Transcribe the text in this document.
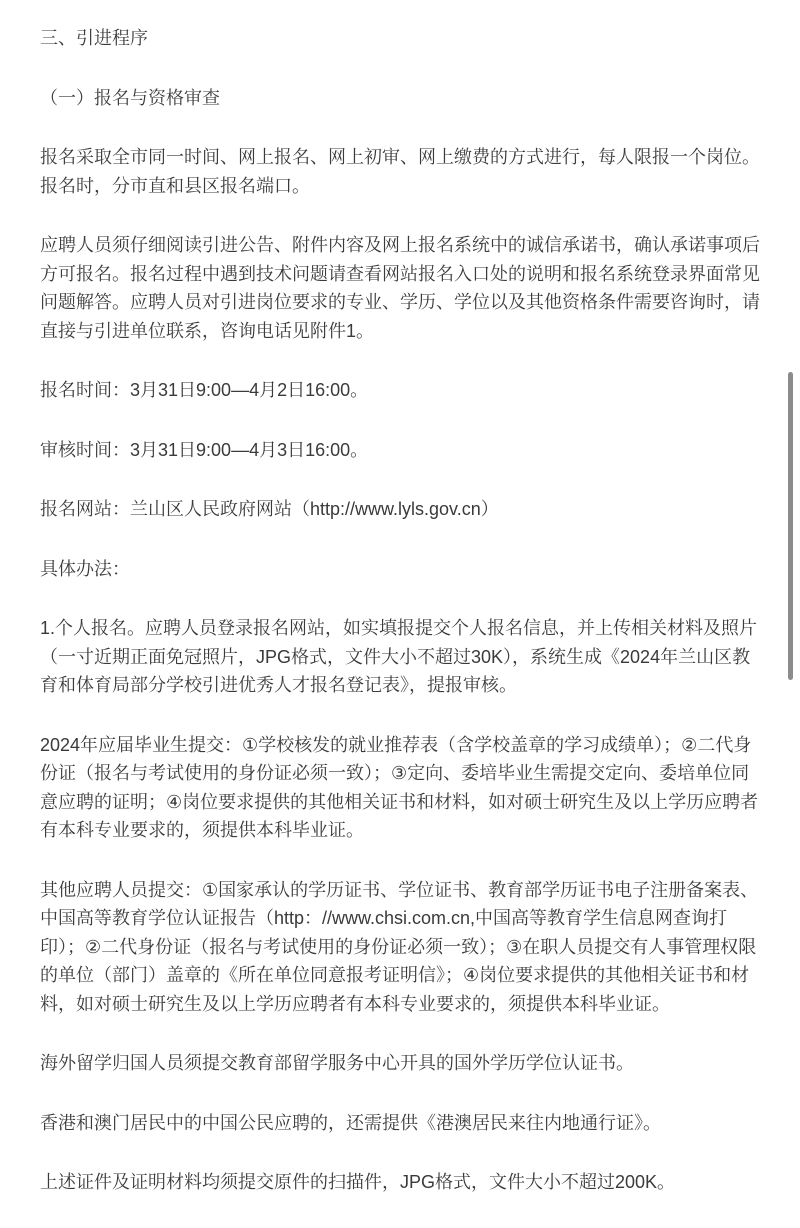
三、引进程序

（一）报名与资格审查

报名采取全市同一时间、网上报名、网上初审、网上缴费的方式进行，每人限报一个岗位。报名时，分市直和县区报名端口。

应聘人员须仔细阅读引进公告、附件内容及网上报名系统中的诚信承诺书，确认承诺事项后方可报名。报名过程中遇到技术问题请查看网站报名入口处的说明和报名系统登录界面常见问题解答。应聘人员对引进岗位要求的专业、学历、学位以及其他资格条件需要咨询时，请直接与引进单位联系，咨询电话见附件1。

报名时间：3月31日9:00—4月2日16:00。

审核时间：3月31日9:00—4月3日16:00。

报名网站：兰山区人民政府网站（http://www.lyls.gov.cn）

具体办法：

1.个人报名。应聘人员登录报名网站，如实填报提交个人报名信息，并上传相关材料及照片（一寸近期正面免冠照片，JPG格式，文件大小不超过30K），系统生成《2024年兰山区教育和体育局部分学校引进优秀人才报名登记表》，提报审核。

2024年应届毕业生提交：①学校核发的就业推荐表（含学校盖章的学习成绩单）；②二代身份证（报名与考试使用的身份证必须一致）；③定向、委培毕业生需提交定向、委培单位同意应聘的证明；④岗位要求提供的其他相关证书和材料，如对硕士研究生及以上学历应聘者有本科专业要求的，须提供本科毕业证。

其他应聘人员提交：①国家承认的学历证书、学位证书、教育部学历证书电子注册备案表、中国高等教育学位认证报告（http：//www.chsi.com.cn,中国高等教育学生信息网查询打印）；②二代身份证（报名与考试使用的身份证必须一致）；③在职人员提交有人事管理权限的单位（部门）盖章的《所在单位同意报考证明信》；④岗位要求提供的其他相关证书和材料，如对硕士研究生及以上学历应聘者有本科专业要求的，须提供本科毕业证。

海外留学归国人员须提交教育部留学服务中心开具的国外学历学位认证书。

香港和澳门居民中的中国公民应聘的，还需提供《港澳居民来往内地通行证》。

上述证件及证明材料均须提交原件的扫描件，JPG格式，文件大小不超过200K。
